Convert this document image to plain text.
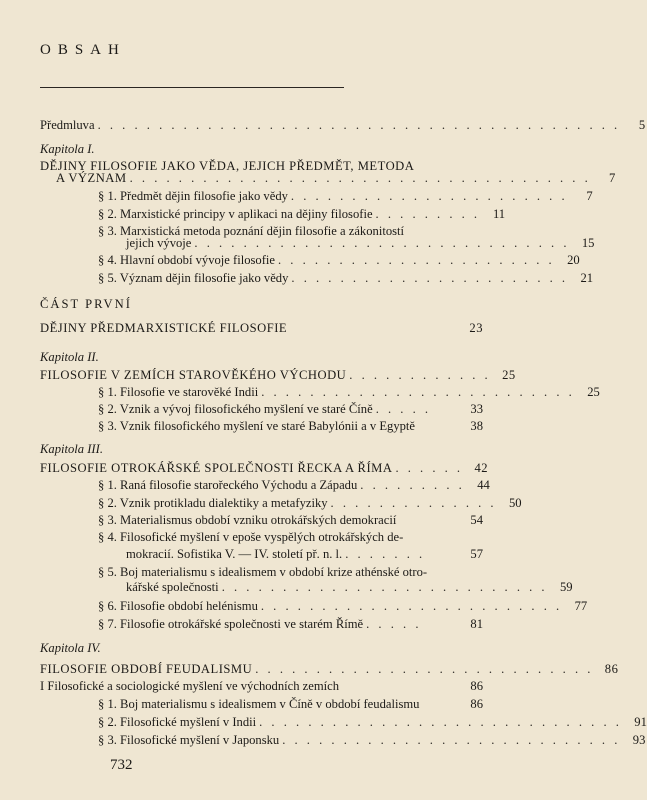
OBSAH
Předmluva . . . . . . . . . . . . . . . . . . . . . . . . . . . . . . . . . . . . . . . . . . .	5
Kapitola I.
DĚJINY FILOSOFIE JAKO VĚDA, JEJICH PŘEDMĚT, METODA
A VÝZNAM . . . . . . . . . . . . . . . . . . . . . . . . . . . . . . . . . . . . . .	7
§ 1. Předmět dějin filosofie jako vědy . . . . . . . . . . . . . . . . . . . . . . .	7
§ 2. Marxistické principy v aplikaci na dějiny filosofie . . . . . . . . .	11
§ 3. Marxistická metoda poznání dějin filosofie a zákonitostí
jejich vývoje . . . . . . . . . . . . . . . . . . . . . . . . . . . . . . . 15
§ 4. Hlavní období vývoje filosofie . . . . . . . . . . . . . . . . . . . . . . . 20
§ 5. Význam dějin filosofie jako vědy . . . . . . . . . . . . . . . . . . . . . . . 21
ČÁST PRVNÍ
DĚJINY PŘEDMARXISTICKÉ FILOSOFIE	23
Kapitola II.
FILOSOFIE V ZEMÍCH STAROVĚKÉHO VÝCHODU . . . . . . . . . . . . 25
§ 1. Filosofie ve starověké Indii . . . . . . . . . . . . . . . . . . . . . . . . . . 25
§ 2. Vznik a vývoj filosofického myšlení ve staré Číně . . . . .	33
§ 3. Vznik filosofického myšlení ve staré Babylónii a v Egyptě	38
Kapitola III.
FILOSOFIE OTROKÁŘSKÉ SPOLEČNOSTI ŘECKA A ŘÍMA . . . . . . 42
§ 1. Raná filosofie starořeckého Východu a Západu . . . . . . . . . 44
§ 2. Vznik protikladu dialektiky a metafyziky . . . . . . . . . . . . . . 50
§ 3. Materialismus období vzniku otrokářských demokracií	54
§ 4. Filosofické myšlení v epoše vyspělých otrokářských de-
mokracií. Sofistika V. — IV. století př. n. l. . . . . . . .	57
§ 5. Boj materialismu s idealismem v období krize athénské otro-
kářské společnosti . . . . . . . . . . . . . . . . . . . . . . . . . . . 59
§ 6. Filosofie období helénismu . . . . . . . . . . . . . . . . . . . . . . . . . 77
§ 7. Filosofie otrokářské společnosti ve starém Římě . . . . .	81
Kapitola IV.
FILOSOFIE OBDOBÍ FEUDALISMU . . . . . . . . . . . . . . . . . . . . . . . . . . . . 86
I Filosofické a sociologické myšlení ve východních zemích	86
§ 1. Boj materialismu s idealismem v Číně v období feudalismu	86
§ 2. Filosofické myšlení v Indii . . . . . . . . . . . . . . . . . . . . . . . . . . . . . . 91
§ 3. Filosofické myšlení v Japonsku . . . . . . . . . . . . . . . . . . . . . . . . . . . . 93
732
